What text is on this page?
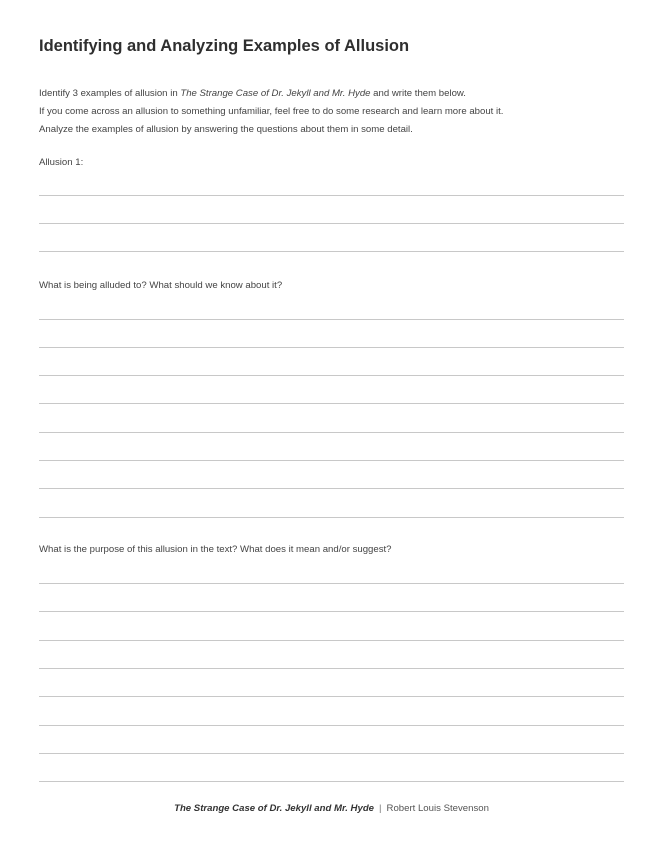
Identifying and Analyzing Examples of Allusion
Identify 3 examples of allusion in The Strange Case of Dr. Jekyll and Mr. Hyde and write them below.
If you come across an allusion to something unfamiliar, feel free to do some research and learn more about it.
Analyze the examples of allusion by answering the questions about them in some detail.
Allusion 1:
What is being alluded to? What should we know about it?
What is the purpose of this allusion in the text? What does it mean and/or suggest?
The Strange Case of Dr. Jekyll and Mr. Hyde | Robert Louis Stevenson
